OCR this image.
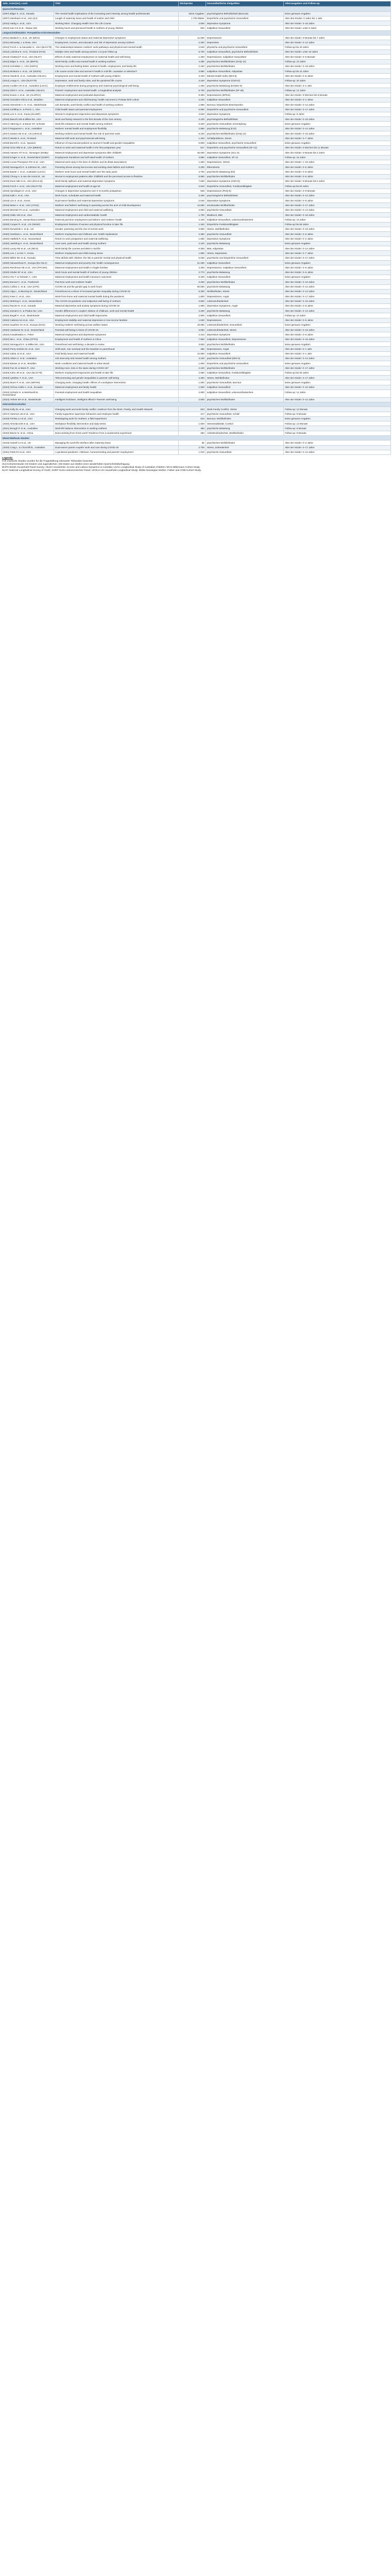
Jahr, Autor(en), Land	Titel	Stichprobe	Gesundheitliche Zielgrößen	Altersangaben und Follow-up
Querschnittstudien				
(2007) Bilger K. et al., Kanada	The mental health implications of the increasing work intensity among health professionals	keine Angaben	psychologische Befindlichkeit (Burnout)	keine genauen Angaben
(2007) Steinbach et al., USA (KJ)	Length of maternity leave and health of mother and child	1.700 Mütter	körperliche und psychische Gesundheit	Alter des Kindes: 0 Jahre bis 1 Jahr
(2010) Hartig A. et al., USA	Working Mom: Changing Health Over the Life Course	2.500	depressive Symptome	Alter der Kinder: 0–18 Jahre
(2010) Kao CS et al., Taiwan (W)	Working hours and perceived health in mothers of young children	832	subjektive Gesundheit	Alter der Kinder: unter 6 Jahre
Längsschnittstudien: Prospektive Kohortenstudien				
(2011) Maslach C. et al., UK (MCS)	Changes in employment status and maternal depressive symptoms	11.000	Depressionen	Alter der Kinder: 9 Monate bis 7 Jahre
(2011) Mirowsky J. & Ross, USA	Employment, income, and education and risk of depression among mothers	2.300	Depression	Alter der Kinder: 0–12 Jahre
(2012) Frech A. & Damaske S., USA (NLSY79)	The relationships between mothers' work pathways and physical and mental health	2.540	physische und psychische Gesundheit	Follow-up bis 40 Jahre
(2012) Lahelma E. et al., Finnland (HHS)	Multiple roles and health among women: a 5-year follow-up	6.700	subjektive Gesundheit, psychische Befindlichkeit	Alter der Kinder: unter 18 Jahre
(2013) Chatterji P. et al., USA (NLSY)	Effects of early maternal employment on maternal health and well-being	1.300	Depressionen, subjektive Gesundheit	Alter der Kinder: 0–6 Monate
(2013) Bilger K. et al., UK (BHPS)	Work-family conflict and mental health in working mothers	4.280	psychisches Wohlbefinden (GHQ-12)	Follow-up: 10 Jahre
(2013) Schnittker J., USA (NSFH)	Working more and feeling better: women's health, employment, and family life	2.150	psychisches Wohlbefinden	Alter der Kinder: 0–18 Jahre
(2014) McMunn A. et al., UK (NCDS)	Life course social roles and women's health in mid-life: causation or selection?	3.980	subjektive Gesundheit, Adipositas	Follow-up bis 42 Jahre
(2014) Hewitt B. et al., Australien (HILDA)	Employment and mental health of mothers with young children	3.100	Mental Health Index (MHI-5)	Alter der Kinder: 0–5 Jahre
(2014) Leupp K., USA (NLSY79)	Depression, work and family roles, and the gendered life course	3.420	depressive Symptome (CES-D)	Follow-up: 20 Jahre
(2015) Cooklin AR et al., Australien (LSAC)	Employee entitlements during pregnancy and maternal psychological well-being	1.450	psychische Belastung (Kessler-6)	Alter der Kinder: 0–1 Jahr
(2015) Dinh H. et al., Australien (HILDA)	Parents' employment and mental health: a longitudinal analysis	5.700	psychisches Wohlbefinden (SF-36)	Follow-up: 12 Jahre
(2015) Evans J. et al., UK (ALSPAC)	Maternal employment and postnatal depression	9.300	Depressionen (EPDS)	Alter der Kinder: 8 Wochen bis 8 Monate
(2015) Gonzalez-Chica et al., Brasilien	Maternal employment and child-bearing: health outcomes in Pelotas birth cohort	4.230	subjektive Gesundheit	Alter der Kinder: 0–4 Jahre
(2016) Abendroth A.-K. et al., Niederlande	Job demands, work-family conflict and health of working mothers	1.890	Burnout, körperliche Beschwerden	Alter der Kinder: 0–12 Jahre
(2016) Kuhlthau K. & Perrin J., USA	Child health status and parental employment	6.900	körperliche und psychische Gesundheit	Alter der Kinder: 0–17 Jahre
(2016) Lee S. et al., Korea (KLoWF)	Women's employment trajectories and depressive symptoms	4.620	depressive Symptome	Follow-up: 8 Jahre
(2016) Bianchi SM & Milkie MA, USA	Work and family research in the first decade of the 21st century	3.100	psychologische Befindlichkeit	Alter der Kinder: 0–18 Jahre
(2017) Hämmig O. & Bauer GF, Schweiz	Work-life imbalance and mental health among mothers	5.200	psychische Gesundheit, Erschöpfung	keine genauen Angaben
(2017) Ruppanner L. et al., Australien	Mothers' mental health and employment flexibility	2.950	psychische Belastung (K10)	Alter der Kinder: 0–14 Jahre
(2017) Seaton SE et al., UK (UKHLS)	Working mothers and mental health: the role of part-time work	8.100	psychisches Wohlbefinden (GHQ-12)	Alter der Kinder: 0–16 Jahre
(2017) Wrede S. et al., Finnland	Maternal shift work and psychosocial well-being	1.340	Schlafprobleme, Stress	Alter der Kinder: 0–7 Jahre
(2018) Borrell C. et al., Spanien	Influence of macrosocial policies on women's health and gender inequalities	6.800	subjektive Gesundheit, psychische Gesundheit	keine genauen Angaben
(2018) Grice MM et al., USA (MMHS)	Return to work and maternal health in the first postpartum year	817	körperliche und psychische Gesundheit (SF-12)	Alter der Kinder: 5 Wochen bis 11 Monate
(2018) Hansen HT et al., Norwegen (MoBa)	Maternal employment and depressive symptoms after childbirth	45.000	depressive Symptome (SCL-5)	Alter der Kinder: 6 Monate bis 3 Jahre
(2018) Kröger H. et al., Deutschland (SOEP)	Employment transitions and self-rated health of mothers	3.880	subjektive Gesundheit, SF-12	Follow-up: 15 Jahre
(2018) Lucas-Thompson RG et al., USA	Maternal work early in the lives of children and its distal associations	1.260	Depressionen, Stress	Alter der Kinder: 1–15 Jahre
(2018) Nomaguchi K. & Johnson W., USA	Parenting stress among low-income and working-class fathers and mothers	2.200	Elternstress	Alter der Kinder: 0–5 Jahre
(2019) Baxter J. et al., Australien (LSAC)	Mothers' work hours and mental health over the early years	4.700	psychische Belastung (K6)	Alter der Kinder: 0–9 Jahre
(2019) Chung H. & van der Horst M., UK	Women's employment patterns after childbirth and the perceived access to flexitime	6.950	psychisches Wohlbefinden	Alter der Kinder: 0–5 Jahre
(2019) Dunn ME et al., USA (ECLS-B)	Work-family spillover and maternal depressive symptoms	7.600	depressive Symptome (CES-D)	Alter der Kinder: 9 Monate bis 5 Jahre
(2019) Frech A. et al., USA (NLSY79)	Maternal employment and health at age 50	2.540	körperliche Gesundheit, Funktionsfähigkeit	Follow-up bis 50 Jahre
(2019) Gjerdingen D. et al., USA	Changes in depressive symptoms over 0–9 months postpartum	506	Depressionen (PHQ-9)	Alter der Kinder: 0–9 Monate
(2019) Kalil A. et al., USA	Work hours, schedules and maternal health	3.450	psychologische Befindlichkeit	Alter der Kinder: 0–12 Jahre
(2019) Lim S. et al., Korea	Dual-earner families and maternal depressive symptoms	2.040	depressive Symptome	Alter der Kinder: 0–6 Jahre
(2019) Meier A. et al., USA (ATUS)	Mothers' and fathers' well-being in parenting across the arch of child development	12.600	emotionales Wohlbefinden	Alter der Kinder: 0–17 Jahre
(2019) Mensah FK et al., Australien	Maternal employment and child and maternal wellbeing	2.800	psychische Gesundheit	Alter der Kinder: 0–12 Jahre
(2019) Oddo VM et al., USA	Maternal employment and cardiometabolic health	1.700	Blutdruck, BMI	Alter der Kinder: 0–18 Jahre
(2020) Bünning M., Deutschland (SOEP)	Paternal part-time employment and fathers' and mothers' health	4.100	subjektive Gesundheit, Lebenszufriedenheit	Follow-up: 10 Jahre
(2020) Cooper R. et al., UK (NSHD)	Employment histories of women and physical function in later life	1.340	körperliche Funktionsfähigkeit	Follow-up bis 68 Jahre
(2020) Dunatchik A. et al., UK	Gender, parenting and the rise of remote work	3.900	Stress, Wohlbefinden	Alter der Kinder: 0–16 Jahre
(2020) Gambaro L. et al., Deutschland	Mothers' employment and childcare use: health implications	2.380	psychische Gesundheit	Alter der Kinder: 0–6 Jahre
(2020) Hatfield R. et al., Neuseeland	Return to work postpartum and maternal wellbeing	1.560	depressive Symptome	Alter der Kinder: 0–2 Jahre
(2020) Jaehrling K. et al., Deutschland	Care work, paid work and health among mothers	2.100	psychische Belastung	keine genauen Angaben
(2020) Lacey RE et al., UK (MCS)	Work-family life courses and BMI in mid-life	6.300	BMI, Adipositas	Alter der Kinder: 0–14 Jahre
(2020) Lee J. & Kim Y., Korea	Mothers' employment and child-rearing stress	1.980	Stress, Depression	Alter der Kinder: 0–7 Jahre
(2020) Milkie MA et al., Kanada	Time deficits with children: the link to parents' mental and physical health	6.030	psychische und körperliche Gesundheit	Alter der Kinder: 0–17 Jahre
(2020) Nieuwenhuis R., Europa (EU-SILC)	Maternal employment and poverty risk: health consequences	21.000	subjektive Gesundheit	keine genauen Angaben
(2020) Reichman NE et al., USA (FFCWS)	Maternal employment and health in fragile families	4.300	Depressionen, subjektive Gesundheit	Alter der Kinder: 0–9 Jahre
(2020) Shafer EF et al., USA	Work hours and mental health of mothers of young children	2.770	psychische Belastung	Alter der Kinder: 0–5 Jahre
(2021) Ahn T. & Yelowitz A., USA	Maternal employment and health insurance outcomes	5.400	subjektive Gesundheit	keine genauen Angaben
(2021) Bonnet C. et al., Frankreich	Part-time work and mothers' health	3.250	psychisches Wohlbefinden	Alter der Kinder: 0–10 Jahre
(2021) Collins C. et al., USA (CPS)	COVID-19 and the gender gap in work hours	60.000	psychische Belastung	Alter der Kinder: 0–12 Jahre
(2021) Hipp L. & Bünning M., Deutschland	Parenthood as a driver of increased gender inequality during COVID-19	5.300	Wohlbefinden, Stress	Alter der Kinder: 0–14 Jahre
(2021) Kiser C. et al., USA	Work-from-home and maternal mental health during the pandemic	1.800	Depressionen, Angst	Alter der Kinder: 0–17 Jahre
(2021) Möhring K. et al., Deutschland	The COVID-19 pandemic and subjective well-being of mothers	3.600	Lebenszufriedenheit	Alter der Kinder: 0–16 Jahre
(2021) Racine N. et al., Kanada	Maternal depressive and anxiety symptoms during COVID-19	1.990	depressive Symptome, Angst	Alter der Kinder: 0–8 Jahre
(2021) Zamarro G. & Prados MJ, USA	Gender differences in couples' division of childcare, work and mental health	4.400	psychische Belastung	Alter der Kinder: 0–12 Jahre
(2022) Begall K. et al., Niederlande	Maternal employment and child health trajectories	2.900	subjektive Gesundheit	Follow-up: 10 Jahre
(2022) Cabrera NJ et al., USA	Employment stability and maternal depression in low-income families	1.630	Depressionen	Alter der Kinder: 0–5 Jahre
(2022) Gauthier AH et al., Europa (GGS)	Working mothers' well-being across welfare states	18.000	Lebenszufriedenheit, Gesundheit	keine genauen Angaben
(2022) Huebener M. et al., Deutschland	Parental well-being in times of COVID-19	3.050	Lebenszufriedenheit, Stress	Alter der Kinder: 0–16 Jahre
(2022) Kowalewska H., Polen	Maternal employment and depressive symptoms	2.410	depressive Symptome	Alter der Kinder: 0–6 Jahre
(2022) Ma L. et al., China (CFPS)	Employment and health of mothers in China	7.800	subjektive Gesundheit, Depressionen	Alter der Kinder: 0–15 Jahre
(2022) Nomaguchi K. & Milkie MA, USA	Parenthood and well-being: a decade in review	3.600	psychisches Wohlbefinden	keine genauen Angaben
(2022) Perry-Jenkins M. et al., USA	Shift work, role overload and the transition to parenthood	360	Depressionen, Angst	Alter der Kinder: 0–1 Jahr
(2022) Sabia JJ et al., USA	Paid family leave and maternal health	12.000	subjektive Gesundheit	Alter der Kinder: 0–1 Jahr
(2023) Aitken Z. et al., Australien	Job insecurity and mental health among mothers	3.100	psychische Gesundheit (MHI-5)	Alter der Kinder: 0–14 Jahre
(2023) Bastos JL et al., Brasilien	Work conditions and maternal health in urban Brazil	1.900	körperliche und psychische Gesundheit	keine genauen Angaben
(2023) Fan W. & Moen P., USA	Working more, less or the same during COVID-19?	2.100	psychisches Wohlbefinden	Alter der Kinder: 0–17 Jahre
(2023) Kahn JR et al., USA (NLSY79)	Mothers' employment trajectories and health in later life	2.680	subjektive Gesundheit, Funktionsfähigkeit	Follow-up bis 55 Jahre
(2023) Lyttelton T. et al., USA	Telecommuting and gender inequalities in parents' well-being	4.300	Stress, Wohlbefinden	Alter der Kinder: 0–17 Jahre
(2023) Moen P. et al., USA (WFHN)	Changing work, changing health: effects of a workplace intervention	1.000	psychische Gesundheit, Burnout	keine genauen Angaben
(2023) Ochoa-Avilés A. et al., Ecuador	Maternal employment and family health	1.500	subjektive Gesundheit	Alter der Kinder: 0–10 Jahre
(2023) Schmitz S. & Weinhardt M., Deutschland	Parental employment and health inequalities	3.900	subjektive Gesundheit, Lebenszufriedenheit	Follow-up: 12 Jahre
(2023) Yerkes MA et al., Niederlande	Intelligent lockdown, intelligent effects? Parents' well-being	2.500	psychisches Wohlbefinden	Alter der Kinder: 0–12 Jahre
Interventionsstudien				
(2016) Kelly EL et al., USA	Changing work and work-family conflict: evidence from the Work, Family, and Health Network	823	Work-Family Conflict, Stress	Follow-up: 12 Monate
(2017) Hammer LB et al., USA	Family-supportive supervisor behaviors and employee health	417	psychische Gesundheit, Schlaf	Follow-up: 9 Monate
(2019) Perlow LA et al., USA	Redesigning work for mothers: a field experiment	610	Burnout, Wohlbefinden	keine genauen Angaben
(2020) Almeida DM et al., USA	Workplace flexibility intervention and daily stress	1.500	Stressreaktivität, Cortisol	Follow-up: 12 Monate
(2021) Brough P. et al., Australien	Work-life balance intervention in working mothers	480	psychische Belastung	Follow-up: 6 Monate
(2022) Bloom N. et al., China	Does working from home work? Evidence from a randomized experiment	250	Arbeitszufriedenheit, Wohlbefinden	Follow-up: 9 Monate
Mixed-Methods-Studien				
(2019) Gatrell CJ et al., UK	Managing the work-life interface after maternity leave	86	psychisches Wohlbefinden	Alter der Kinder: 0–2 Jahre
(2020) Craig L. & Churchill B., Australien	Dual-earner parent couples' work and care during COVID-19	2.700	Stress, Zufriedenheit	Alter der Kinder: 0–17 Jahre
(2021) Petts RJ et al., USA	A gendered pandemic: childcare, homeschooling and parents' employment	1.010	psychische Gesundheit	Alter der Kinder: 0–12 Jahre
Legende:
Fett markierte Studien wurden für die Fragestellung relevanter Teilstudien bewertet.
(KJ) Kohortenstudie mit Kindern und Jugendlichen; (W) Daten aus Wellen einer wiederholten Querschnittsbefragung.
BHPS British Household Panel Survey; HILDA Household, Income and Labour Dynamics in Australia; LSAC Longitudinal Study of Australian Children; MCS Millennium Cohort Study.
NLSY National Longitudinal Survey of Youth; SOEP Sozio-oekonomisches Panel; UKHLS UK Household Longitudinal Study; MoBa Norwegian Mother, Father and Child Cohort Study.
